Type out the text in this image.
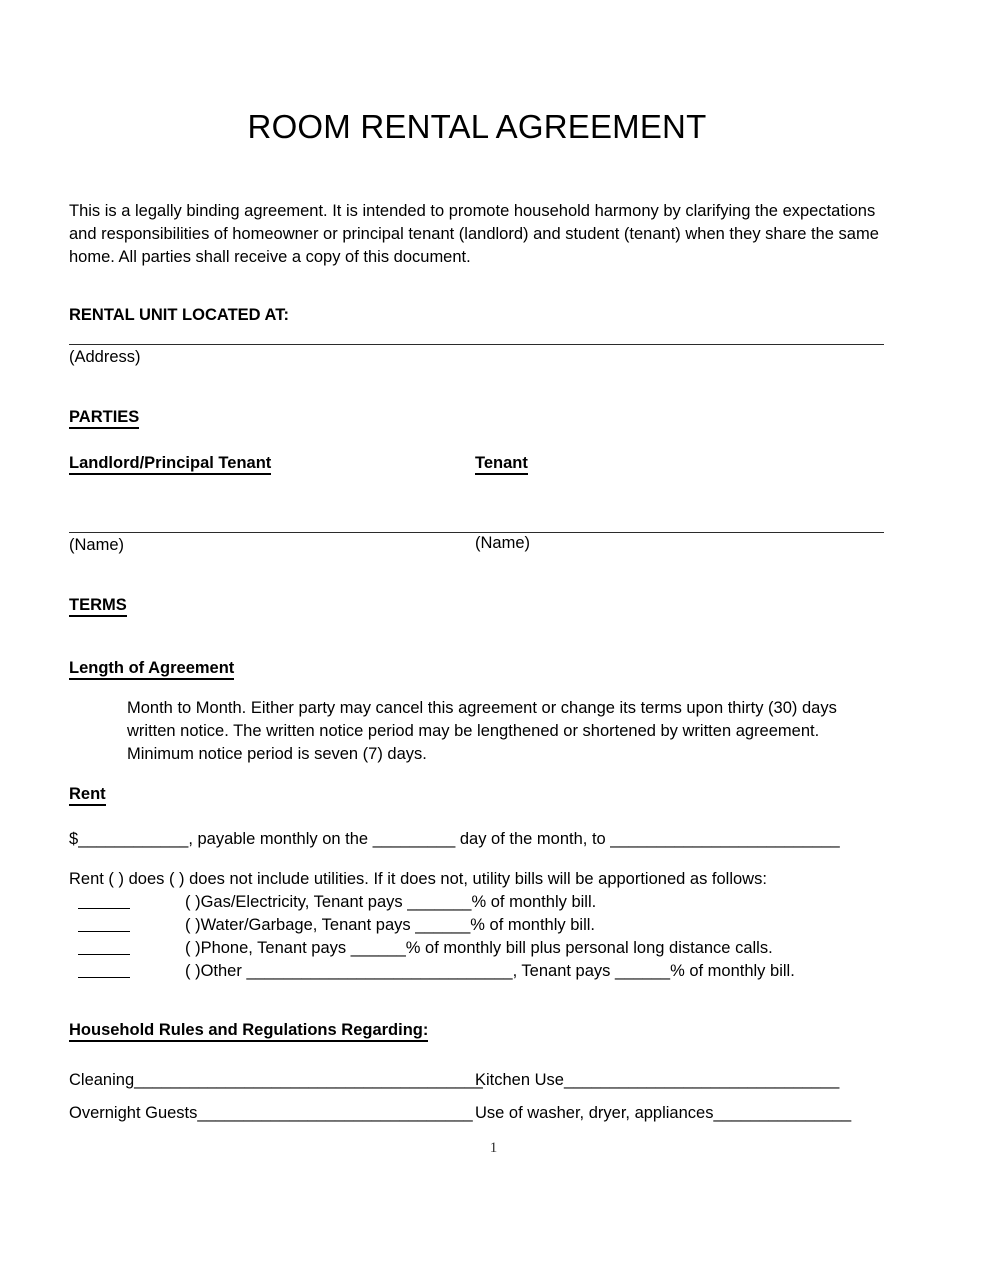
ROOM RENTAL AGREEMENT

This is a legally binding agreement. It is intended to promote household harmony by clarifying the expectations and responsibilities of homeowner or principal tenant (landlord) and student (tenant) when they share the same home. All parties shall receive a copy of this document.

RENTAL UNIT LOCATED AT:
(Address)
PARTIES
Landlord/Principal Tenant	Tenant
(Name)	(Name)
TERMS
Length of Agreement

Month to Month. Either party may cancel this agreement or change its terms upon thirty (30) days written notice. The written notice period may be lengthened or shortened by written agreement. Minimum notice period is seven (7) days.

Rent
$____________, payable monthly on the _________ day of the month, to _________________________
Rent ( ) does ( ) does not include utilities. If it does not, utility bills will be apportioned as follows:
( )Gas/Electricity, Tenant pays _______% of monthly bill.
( )Water/Garbage, Tenant pays ______% of monthly bill.
( )Phone, Tenant pays ______% of monthly bill plus personal long distance calls.
( )Other _____________________________, Tenant pays ______% of monthly bill.
Household Rules and Regulations Regarding:
Cleaning______________________________________
Kitchen Use______________________________
Overnight Guests______________________________ Use of washer, dryer, appliances_______________
1
